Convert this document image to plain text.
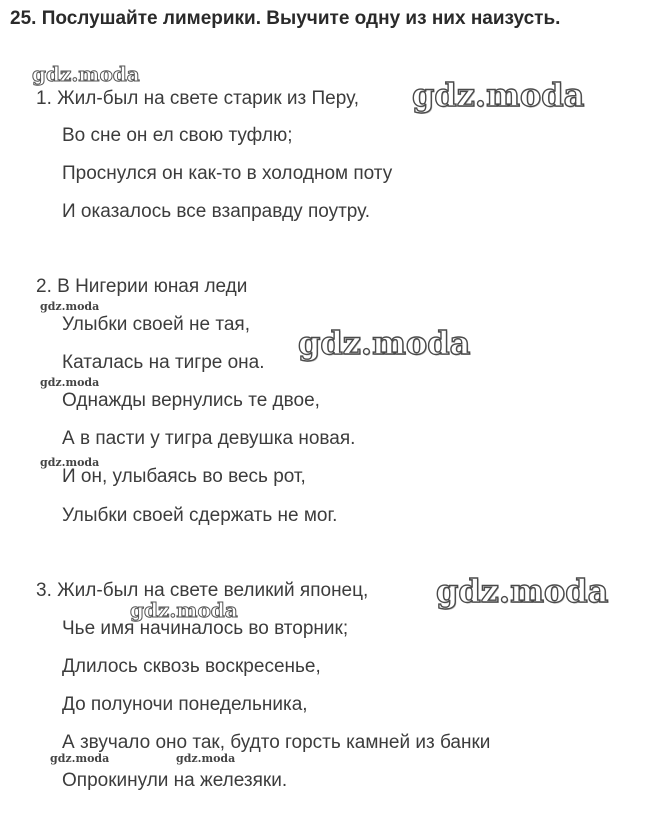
25. Послушайте лимерики. Выучите одну из них наизусть.
1. Жил-был на свете старик из Перу,
Во сне он ел свою туфлю;
Проснулся он как-то в холодном поту
И оказалось все взаправду поутру.
2. В Нигерии юная леди
Улыбки своей не тая,
Каталась на тигре она.
Однажды вернулись те двое,
А в пасти у тигра девушка новая.
И он, улыбаясь во весь рот,
Улыбки своей сдержать не мог.
3. Жил-был на свете великий японец,
Чье имя начиналось во вторник;
Длилось сквозь воскресенье,
До полуночи понедельника,
А звучало оно так, будто горсть камней из банки
Опрокинули на железяки.
gdz.moda
gdz.moda
gdz.moda
gdz.moda
gdz.moda
gdz.moda
gdz.moda
gdz.moda
gdz.moda	gdz.moda
